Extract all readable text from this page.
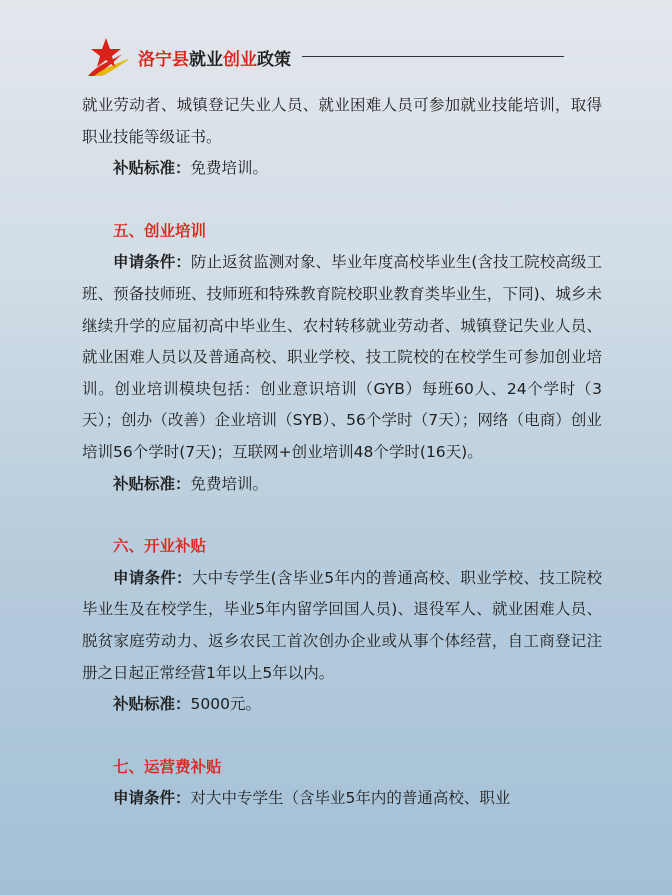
洛宁县就业创业政策

就业劳动者、城镇登记失业人员、就业困难人员可参加就业技能培训，取得职业技能等级证书。

补贴标准：免费培训。

五、创业培训

申请条件：防止返贫监测对象、毕业年度高校毕业生(含技工院校高级工班、预备技师班、技师班和特殊教育院校职业教育类毕业生，下同)、城乡未继续升学的应届初高中毕业生、农村转移就业劳动者、城镇登记失业人员、就业困难人员以及普通高校、职业学校、技工院校的在校学生可参加创业培训。创业培训模块包括：创业意识培训（GYB）每班60人、24个学时（3天）；创办（改善）企业培训（SYB）、56个学时（7天）；网络（电商）创业培训56个学时(7天)；互联网+创业培训48个学时(16天)。

补贴标准：免费培训。

六、开业补贴

申请条件：大中专学生(含毕业5年内的普通高校、职业学校、技工院校毕业生及在校学生，毕业5年内留学回国人员)、退役军人、就业困难人员、脱贫家庭劳动力、返乡农民工首次创办企业或从事个体经营，自工商登记注册之日起正常经营1年以上5年以内。

补贴标准：5000元。

七、运营费补贴

申请条件：对大中专学生（含毕业5年内的普通高校、职业
